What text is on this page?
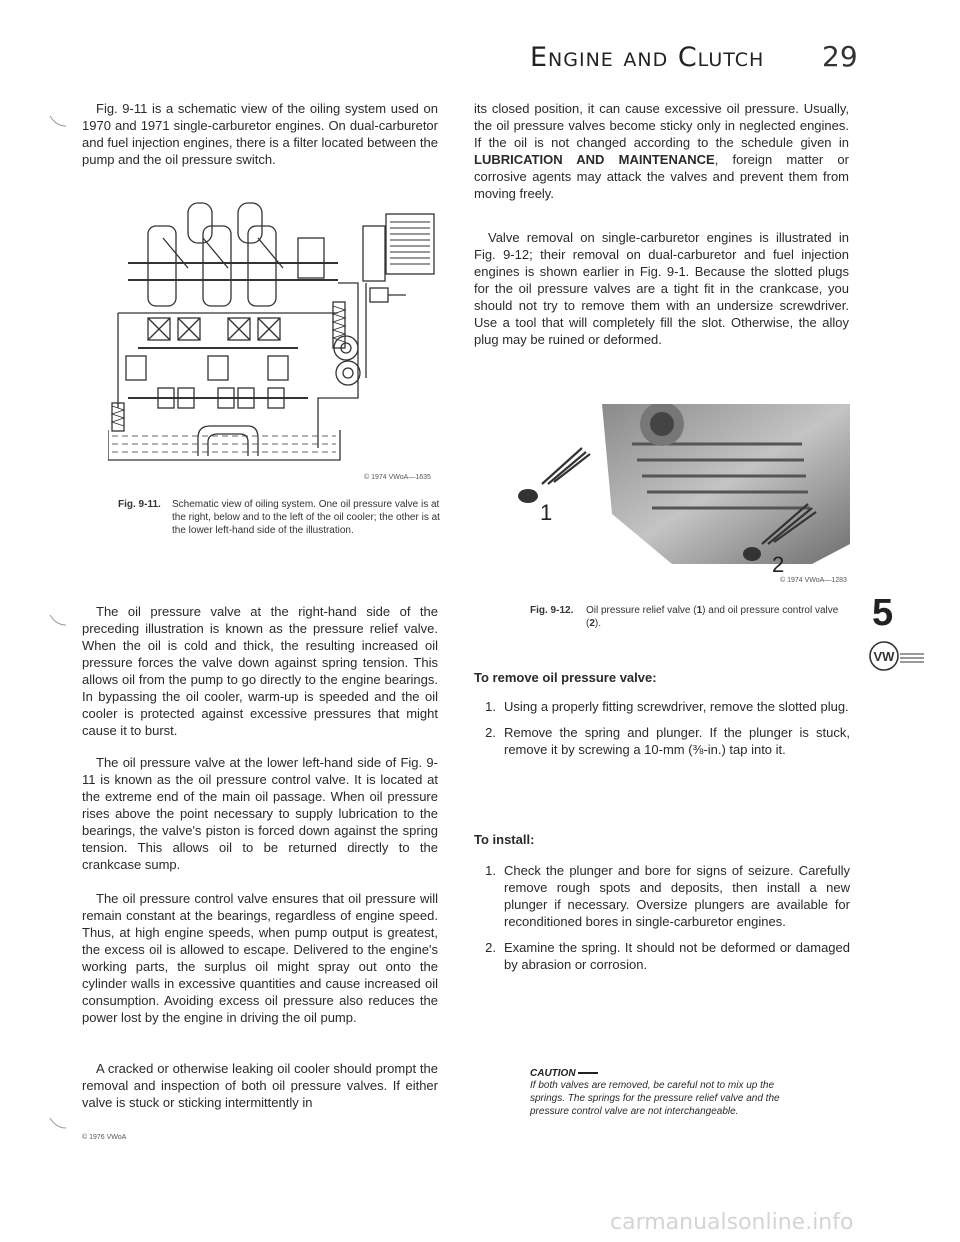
Engine and Clutch 29

Fig. 9-11 is a schematic view of the oiling system used on 1970 and 1971 single-carburetor engines. On dual-carburetor and fuel injection engines, there is a filter located between the pump and the oil pressure switch.

© 1974 VWoA—1635
Fig. 9-11.	Schematic view of oiling system. One oil pressure valve is at the right, below and to the left of the oil cooler; the other is at the lower left-hand side of the illustration.

The oil pressure valve at the right-hand side of the preceding illustration is known as the pressure relief valve. When the oil is cold and thick, the resulting increased oil pressure forces the valve down against spring tension. This allows oil from the pump to go directly to the engine bearings. In bypassing the oil cooler, warm-up is speeded and the oil cooler is protected against excessive pressures that might cause it to burst.

The oil pressure valve at the lower left-hand side of Fig. 9-11 is known as the oil pressure control valve. It is located at the extreme end of the main oil passage. When oil pressure rises above the point necessary to supply lubrication to the bearings, the valve's piston is forced down against the spring tension. This allows oil to be returned directly to the crankcase sump.

The oil pressure control valve ensures that oil pressure will remain constant at the bearings, regardless of engine speed. Thus, at high engine speeds, when pump output is greatest, the excess oil is allowed to escape. Delivered to the engine's working parts, the surplus oil might spray out onto the cylinder walls in excessive quantities and cause increased oil consumption. Avoiding excess oil pressure also reduces the power lost by the engine in driving the oil pump.

A cracked or otherwise leaking oil cooler should prompt the removal and inspection of both oil pressure valves. If either valve is stuck or sticking intermittently in

© 1976 VWoA

its closed position, it can cause excessive oil pressure. Usually, the oil pressure valves become sticky only in neglected engines. If the oil is not changed according to the schedule given in LUBRICATION AND MAINTENANCE, foreign matter or corrosive agents may attack the valves and prevent them from moving freely.

Valve removal on single-carburetor engines is illustrated in Fig. 9-12; their removal on dual-carburetor and fuel injection engines is shown earlier in Fig. 9-1. Because the slotted plugs for the oil pressure valves are a tight fit in the crankcase, you should not try to remove them with an undersize screwdriver. Use a tool that will completely fill the slot. Otherwise, the alloy plug may be ruined or deformed.

1
2
© 1974 VWoA—1283
Fig. 9-12.	Oil pressure relief valve (1) and oil pressure control valve (2).
To remove oil pressure valve:
1. Using a properly fitting screwdriver, remove the slotted plug.
2. Remove the spring and plunger. If the plunger is stuck, remove it by screwing a 10-mm (⅜-in.) tap into it.
To install:
1. Check the plunger and bore for signs of seizure. Carefully remove rough spots and deposits, then install a new plunger if necessary. Oversize plungers are available for reconditioned bores in single-carburetor engines.
2. Examine the spring. It should not be deformed or damaged by abrasion or corrosion.
CAUTION
If both valves are removed, be careful not to mix up the springs. The springs for the pressure relief valve and the pressure control valve are not interchangeable.
5
VW
carmanualsonline.info
